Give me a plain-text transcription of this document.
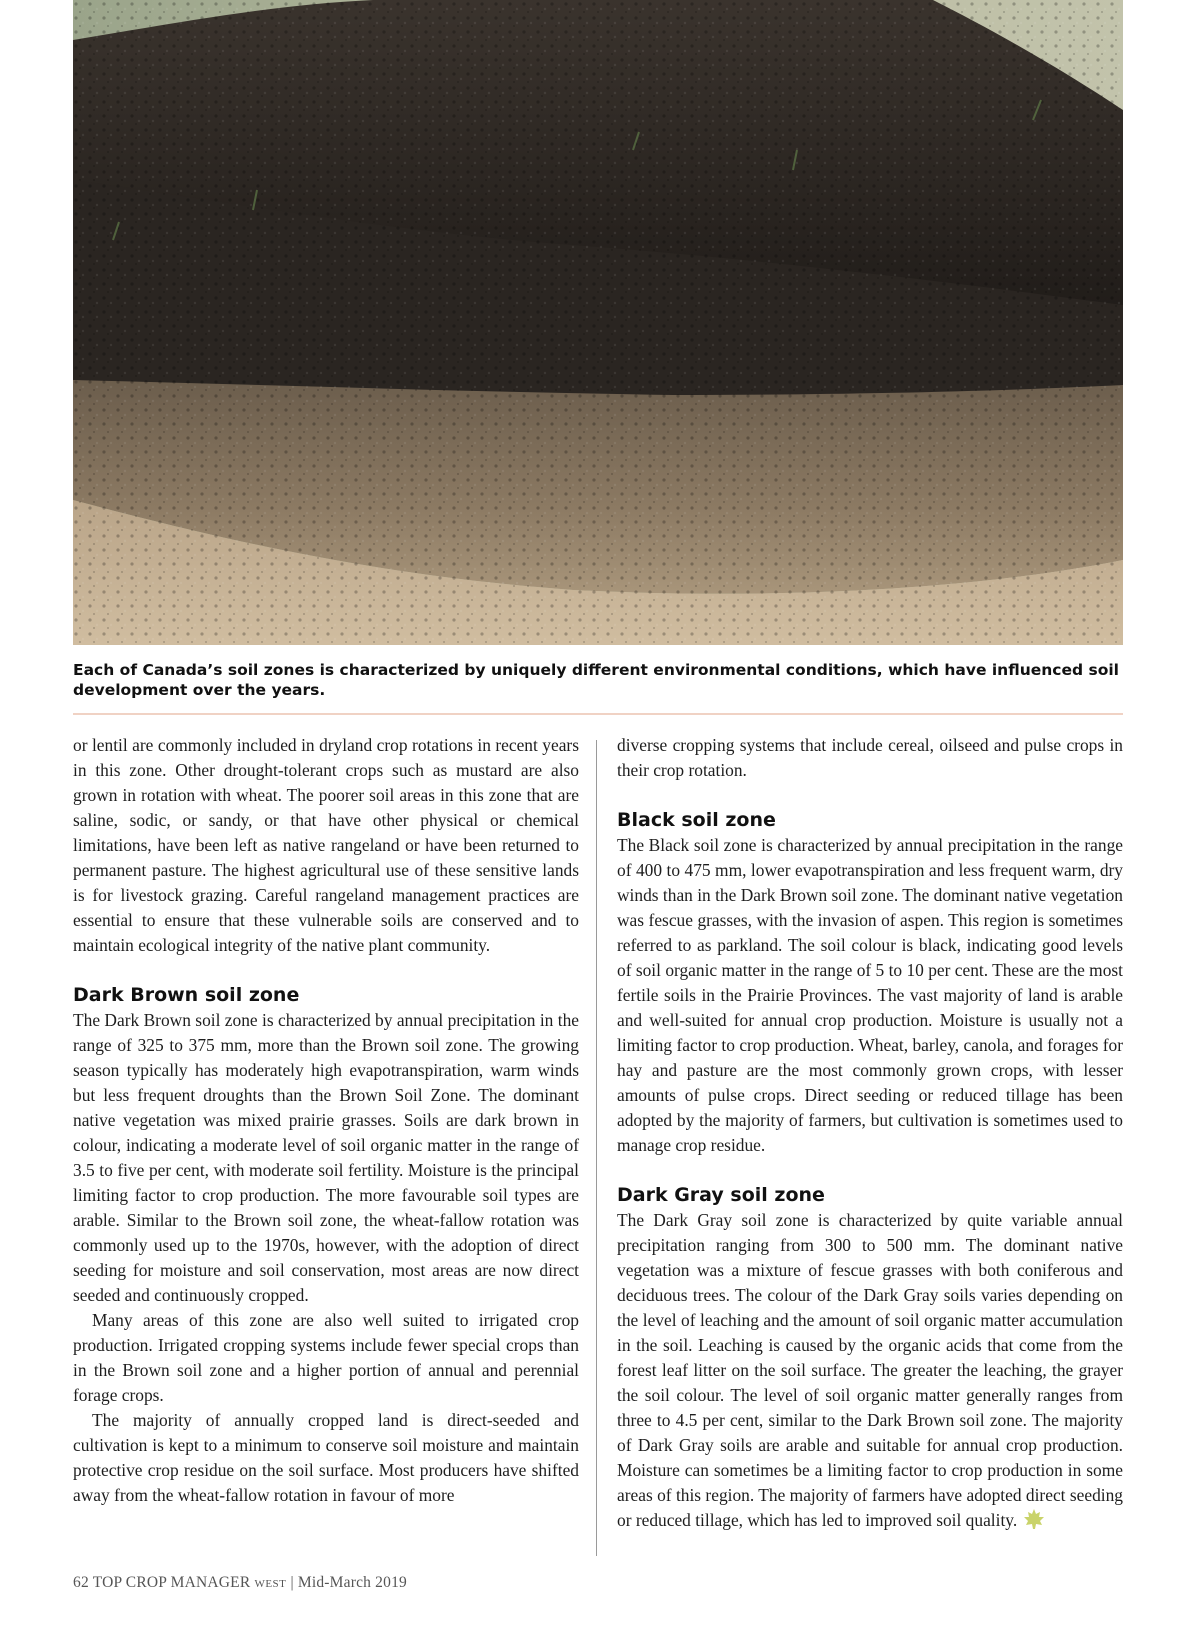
Each of Canada’s soil zones is characterized by uniquely different environmental conditions, which have influenced soil development over the years.

or lentil are commonly included in dryland crop rotations in recent years in this zone. Other drought-tolerant crops such as mustard are also grown in rotation with wheat. The poorer soil areas in this zone that are saline, sodic, or sandy, or that have other physical or chemical limitations, have been left as native rangeland or have been returned to permanent pasture. The highest agricultural use of these sensitive lands is for livestock grazing. Careful rangeland management practices are essential to ensure that these vulnerable soils are conserved and to maintain ecological integrity of the native plant community.

Dark Brown soil zone

The Dark Brown soil zone is characterized by annual precipitation in the range of 325 to 375 mm, more than the Brown soil zone. The growing season typically has moderately high evapotranspiration, warm winds but less frequent droughts than the Brown Soil Zone. The dominant native vegetation was mixed prairie grasses. Soils are dark brown in colour, indicating a moderate level of soil organic matter in the range of 3.5 to five per cent, with moderate soil fertility. Moisture is the principal limiting factor to crop production. The more favourable soil types are arable. Similar to the Brown soil zone, the wheat-fallow rotation was commonly used up to the 1970s, however, with the adoption of direct seeding for moisture and soil conservation, most areas are now direct seeded and continuously cropped.

Many areas of this zone are also well suited to irrigated crop production. Irrigated cropping systems include fewer special crops than in the Brown soil zone and a higher portion of annual and perennial forage crops.

The majority of annually cropped land is direct-seeded and cultivation is kept to a minimum to conserve soil moisture and maintain protective crop residue on the soil surface. Most producers have shifted away from the wheat-fallow rotation in favour of more

diverse cropping systems that include cereal, oilseed and pulse crops in their crop rotation.

Black soil zone

The Black soil zone is characterized by annual precipitation in the range of 400 to 475 mm, lower evapotranspiration and less frequent warm, dry winds than in the Dark Brown soil zone. The dominant native vegetation was fescue grasses, with the invasion of aspen. This region is sometimes referred to as parkland. The soil colour is black, indicating good levels of soil organic matter in the range of 5 to 10 per cent. These are the most fertile soils in the Prairie Provinces. The vast majority of land is arable and well-suited for annual crop production. Moisture is usually not a limiting factor to crop production. Wheat, barley, canola, and forages for hay and pasture are the most commonly grown crops, with lesser amounts of pulse crops. Direct seeding or reduced tillage has been adopted by the majority of farmers, but cultivation is sometimes used to manage crop residue.

Dark Gray soil zone

The Dark Gray soil zone is characterized by quite variable annual precipitation ranging from 300 to 500 mm. The dominant native vegetation was a mixture of fescue grasses with both coniferous and deciduous trees. The colour of the Dark Gray soils varies depending on the level of leaching and the amount of soil organic matter accumulation in the soil. Leaching is caused by the organic acids that come from the forest leaf litter on the soil surface. The greater the leaching, the grayer the soil colour. The level of soil organic matter generally ranges from three to 4.5 per cent, similar to the Dark Brown soil zone. The majority of Dark Gray soils are arable and suitable for annual crop production. Moisture can sometimes be a limiting factor to crop production in some areas of this region. The majority of farmers have adopted direct seeding or reduced tillage, which has led to improved soil quality.

62 TOP CROP MANAGER WEST | Mid-March 2019
